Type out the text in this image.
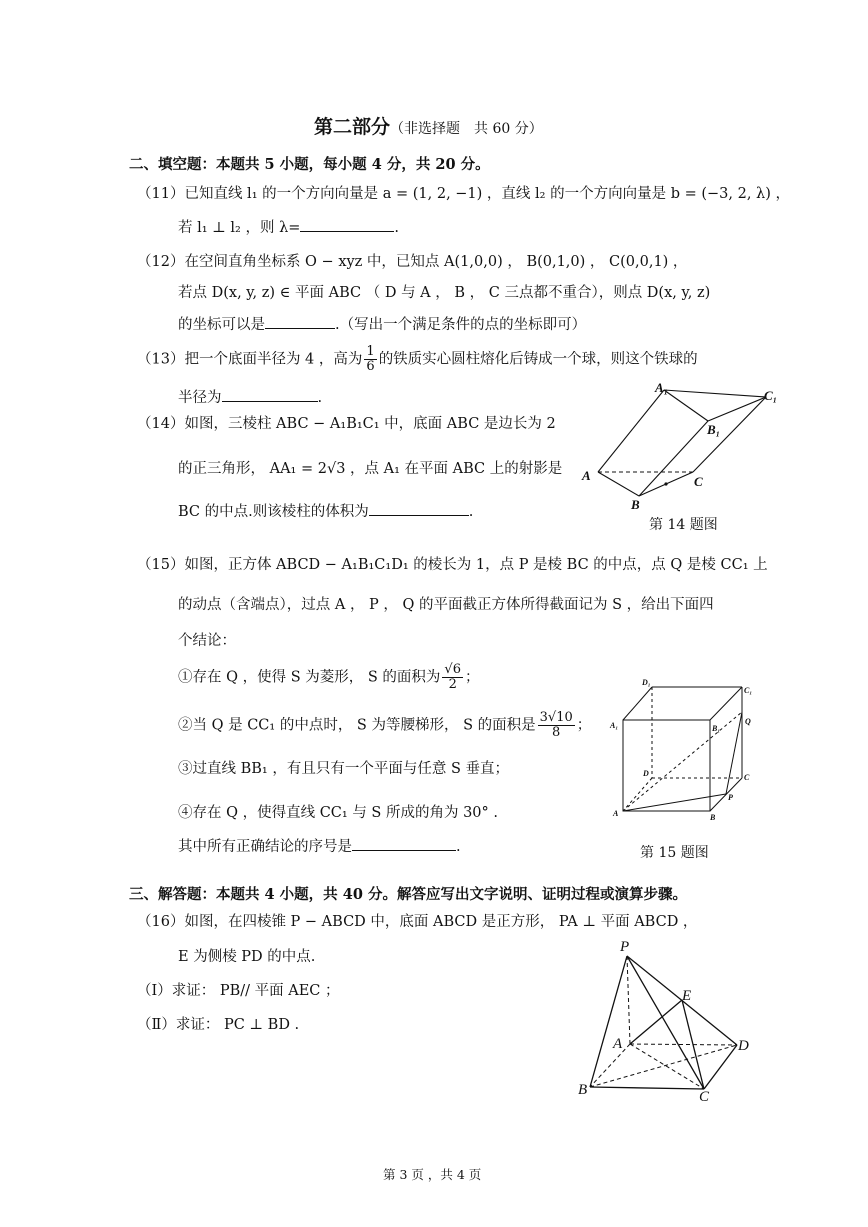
第二部分（非选择题　共 60 分）
二、填空题：本题共 5 小题，每小题 4 分，共 20 分。
（11）已知直线 l₁ 的一个方向向量是 a = (1, 2, −1) ，直线 l₂ 的一个方向向量是 b = (−3, 2, λ) ，
若 l₁ ⊥ l₂ ，则 λ=	.
（12）在空间直角坐标系 O − xyz 中，已知点 A(1,0,0) ， B(0,1,0) ， C(0,0,1) ，
若点 D(x, y, z) ∈ 平面 ABC （ D 与 A ， B ， C 三点都不重合），则点 D(x, y, z)
的坐标可以是	.（写出一个满足条件的点的坐标即可）
（13）把一个底面半径为 4 ，高为 $\frac{1}{6}$ 的铁质实心圆柱熔化后铸成一个球，则这个铁球的
半径为	.
（14）如图，三棱柱 ABC − A₁B₁C₁ 中，底面 ABC 是边长为 2
的正三角形， AA₁ = 2√3 ，点 A₁ 在平面 ABC 上的射影是
BC 的中点.则该棱柱的体积为	.
A₁
C₁
B₁
A	C
B
第 14 题图
（15）如图，正方体 ABCD − A₁B₁C₁D₁ 的棱长为 1，点 P 是棱 BC 的中点，点 Q 是棱 CC₁ 上
的动点（含端点），过点 A ， P ， Q 的平面截正方体所得截面记为 S ，给出下面四
个结论：
①存在 Q ，使得 S 为菱形， S 的面积为 $\frac{√6}{2}$ ；
②当 Q 是 CC₁ 的中点时， S 为等腰梯形， S 的面积是 $\frac{3√10}{8}$ ；
③过直线 BB₁ ，有且只有一个平面与任意 S 垂直；
④存在 Q ，使得直线 CC₁ 与 S 所成的角为 30° .
其中所有正确结论的序号是	.
D₁
C₁
A₁	B₁
Q
D	C
A
P
B
第 15 题图
三、解答题：本题共 4 小题，共 40 分。解答应写出文字说明、证明过程或演算步骤。
（16）如图，在四棱锥 P − ABCD 中，底面 ABCD 是正方形， PA ⊥ 平面 ABCD ，
E 为侧棱 PD 的中点.
（Ⅰ）求证： PB// 平面 AEC ；
（Ⅱ）求证： PC ⊥ BD .
P
E
A	D
B	C
第 3 页 ，共 4 页
